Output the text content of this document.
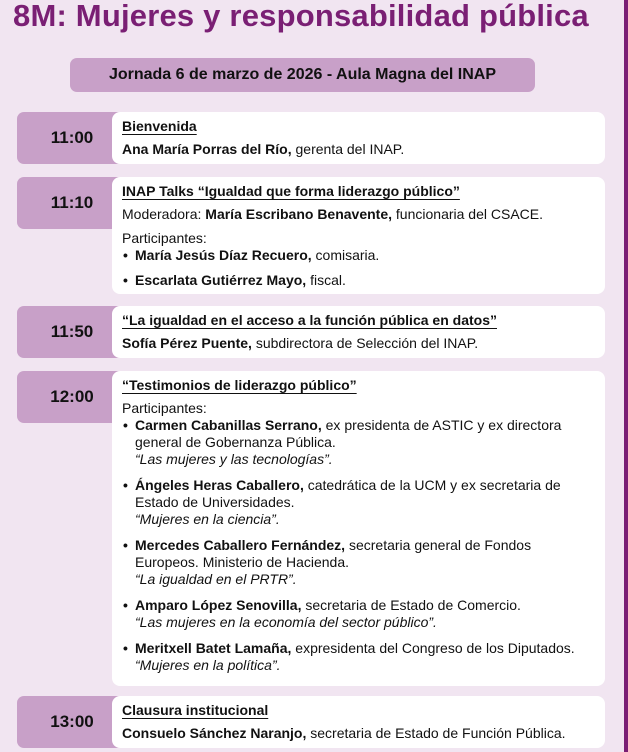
8M: Mujeres y responsabilidad pública
Jornada 6 de marzo de 2026 - Aula Magna del INAP
11:00
Bienvenida

Ana María Porras del Río, gerenta del INAP.

11:10
INAP Talks “Igualdad que forma liderazgo público”

Moderadora: María Escribano Benavente, funcionaria del CSACE.

Participantes:

• María Jesús Díaz Recuero, comisaria.
• Escarlata Gutiérrez Mayo, fiscal.
11:50
“La igualdad en el acceso a la función pública en datos”

Sofía Pérez Puente, subdirectora de Selección del INAP.

12:00
“Testimonios de liderazgo público”

Participantes:

• Carmen Cabanillas Serrano, ex presidenta de ASTIC y ex directora general de Gobernanza Pública.
“Las mujeres y las tecnologías”.
• Ángeles Heras Caballero, catedrática de la UCM y ex secretaria de Estado de Universidades.
“Mujeres en la ciencia”.
• Mercedes Caballero Fernández, secretaria general de Fondos Europeos. Ministerio de Hacienda.
“La igualdad en el PRTR”.
• Amparo López Senovilla, secretaria de Estado de Comercio.
“Las mujeres en la economía del sector público”.
• Meritxell Batet Lamaña, expresidenta del Congreso de los Diputados.
“Mujeres en la política”.
13:00
Clausura institucional

Consuelo Sánchez Naranjo, secretaria de Estado de Función Pública.
